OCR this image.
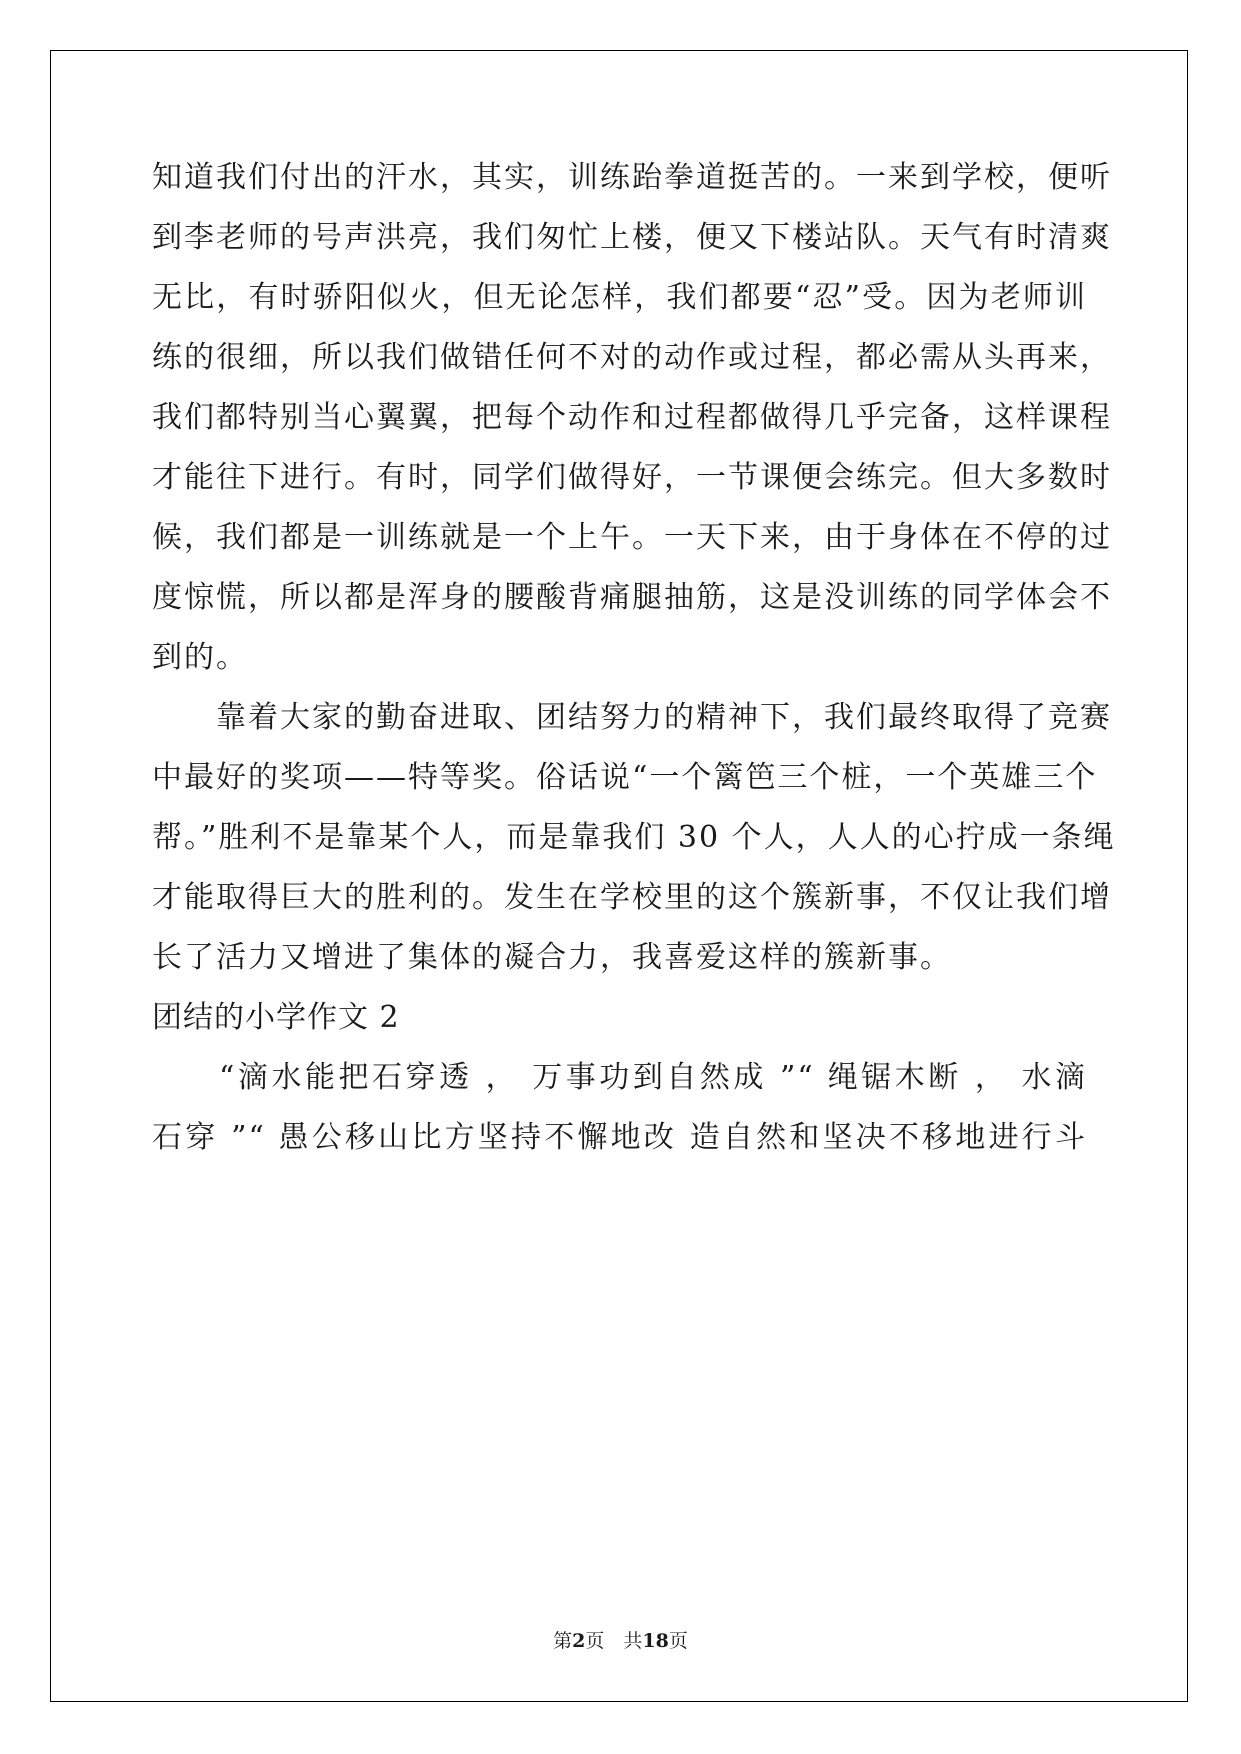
知道我们付出的汗水，其实，训练跆拳道挺苦的。一来到学校，便听
到李老师的号声洪亮，我们匆忙上楼，便又下楼站队。天气有时清爽
无比，有时骄阳似火，但无论怎样，我们都要“忍”受。因为老师训
练的很细，所以我们做错任何不对的动作或过程，都必需从头再来，
我们都特别当心翼翼，把每个动作和过程都做得几乎完备，这样课程
才能往下进行。有时，同学们做得好，一节课便会练完。但大多数时
候，我们都是一训练就是一个上午。一天下来，由于身体在不停的过
度惊慌，所以都是浑身的腰酸背痛腿抽筋，这是没训练的同学体会不
到的。
　　靠着大家的勤奋进取、团结努力的精神下，我们最终取得了竞赛
中最好的奖项——特等奖。俗话说“一个篱笆三个桩，一个英雄三个
帮。”胜利不是靠某个人，而是靠我们 30 个人，人人的心拧成一条绳
才能取得巨大的胜利的。发生在学校里的这个簇新事，不仅让我们增
长了活力又增进了集体的凝合力，我喜爱这样的簇新事。
团结的小学作文 2
　　“滴水能把石穿透 ， 万事功到自然成 ”“ 绳锯木断 ， 水滴
石穿 ”“ 愚公移山比方坚持不懈地改 造自然和坚决不移地进行斗
第2页　共18页
